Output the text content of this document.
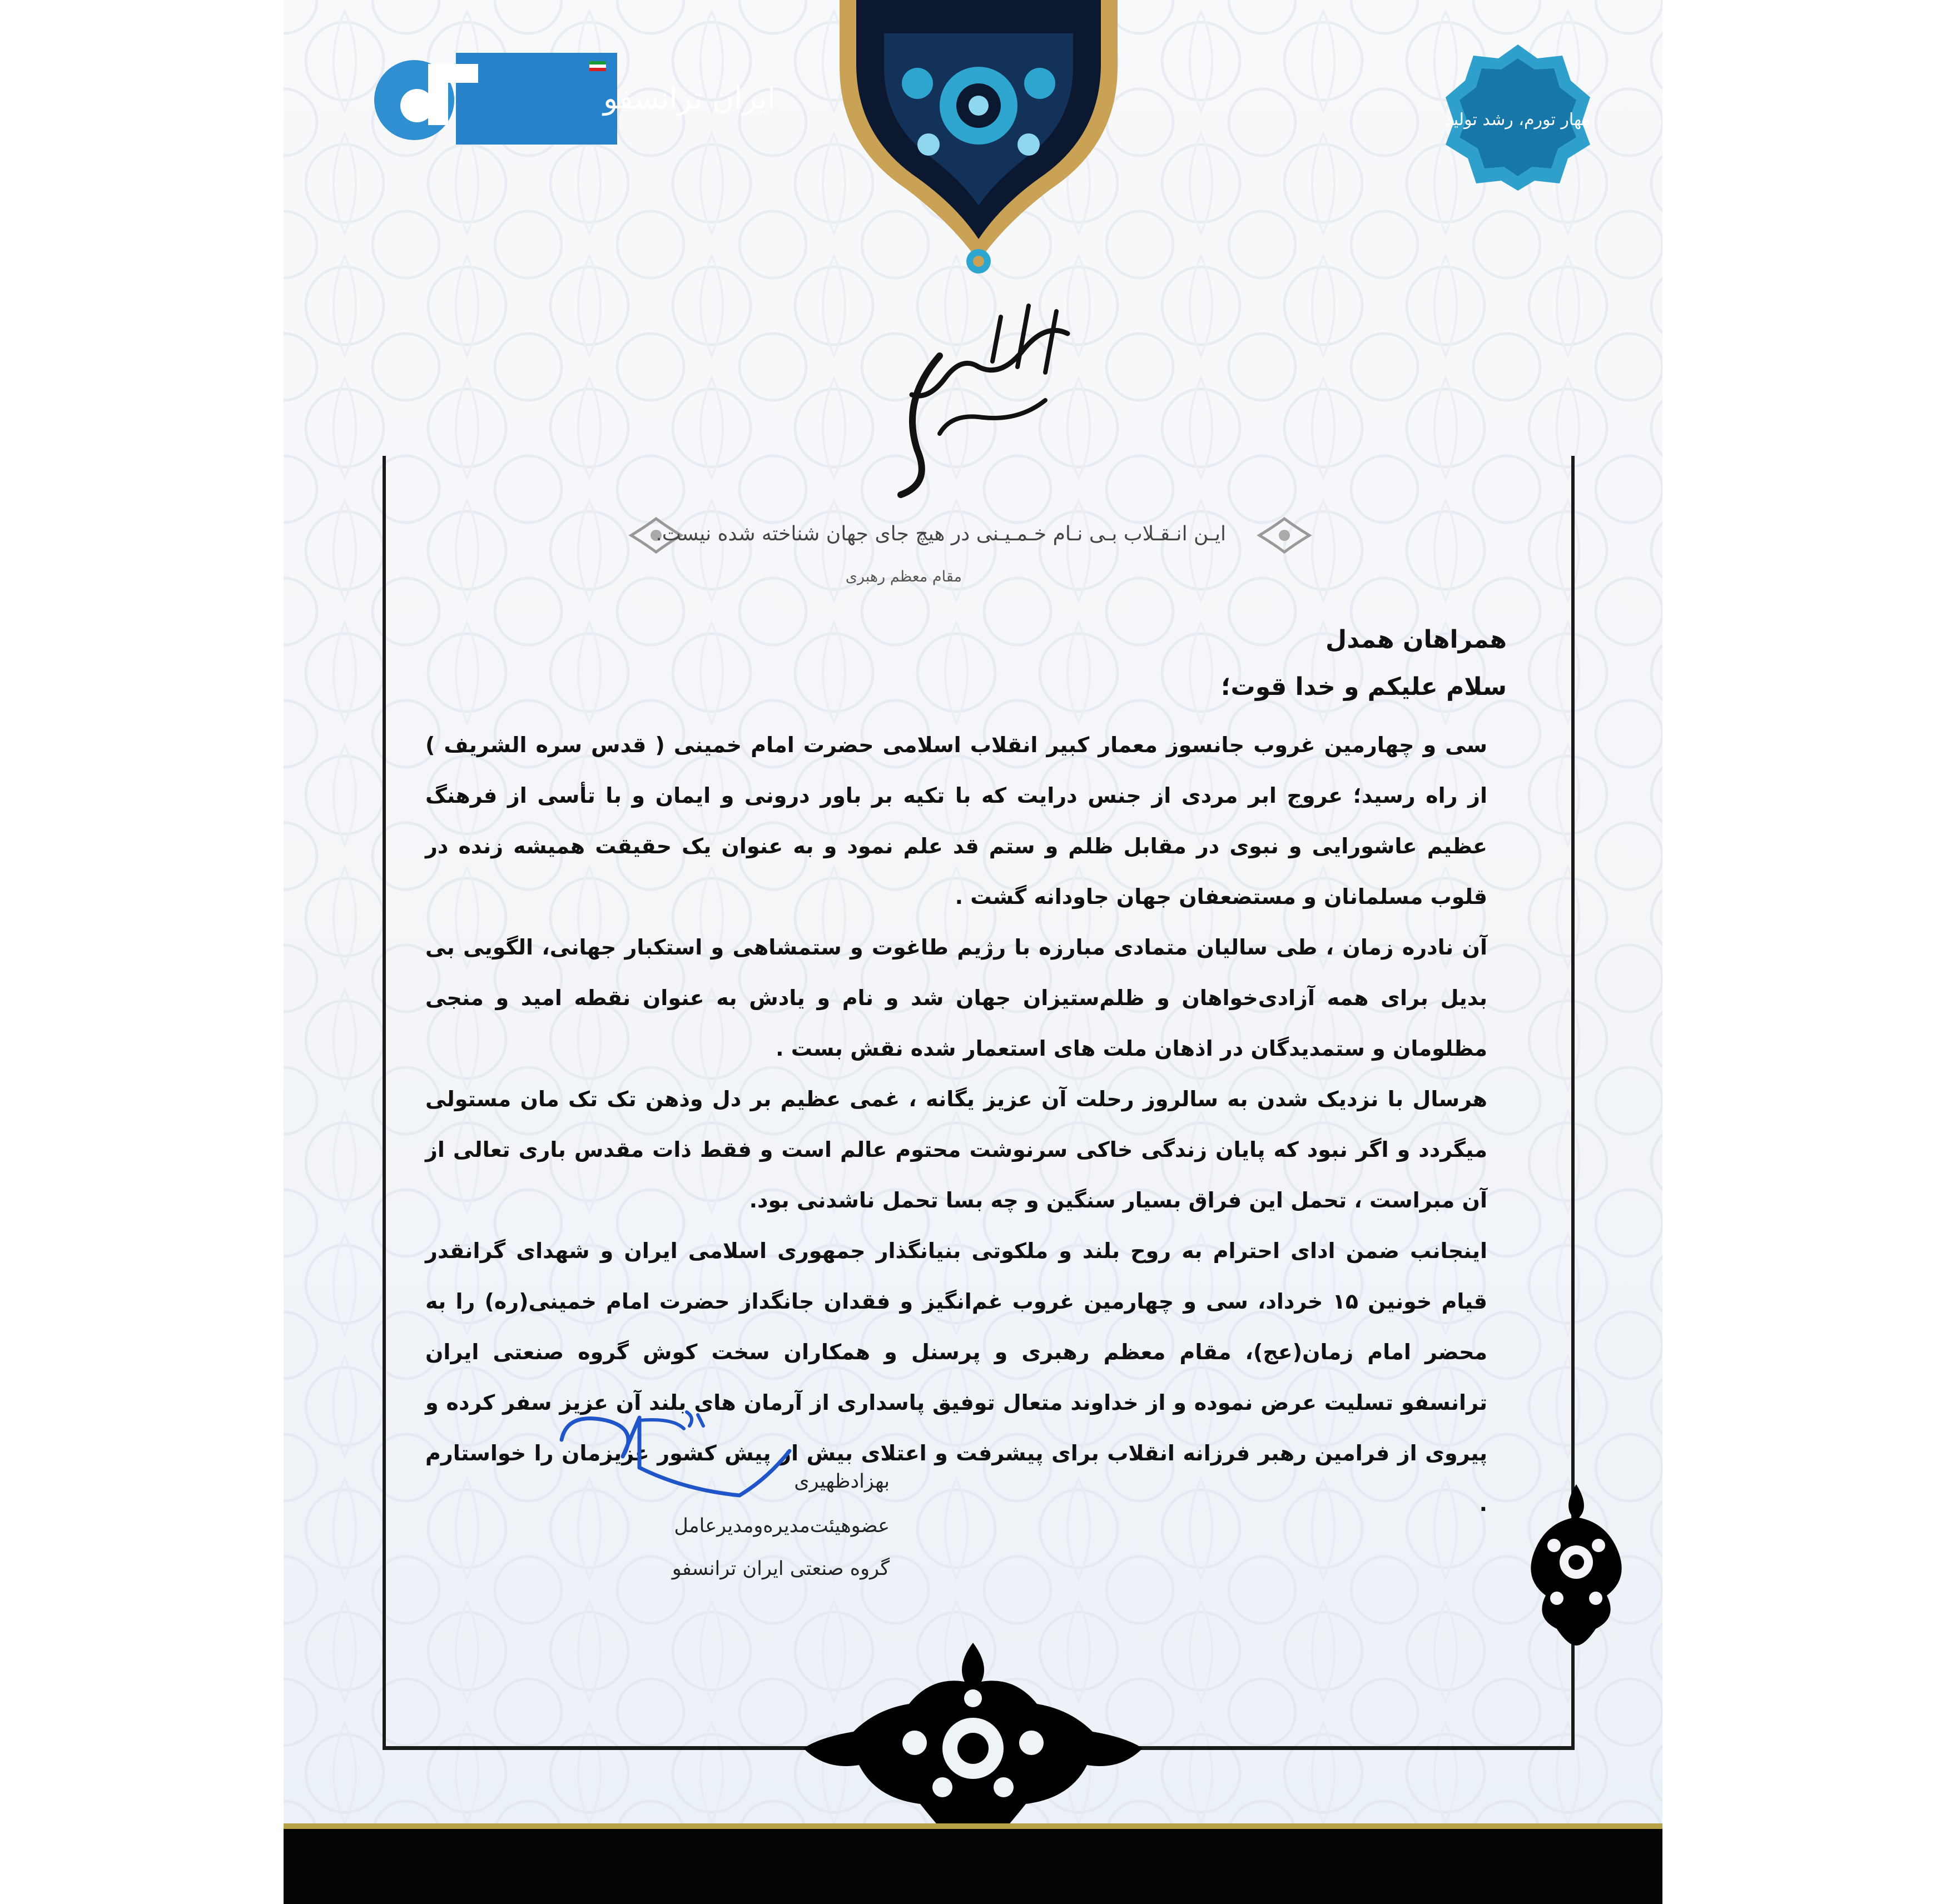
ایران ترانسفو
مهار تورم، رشد تولید
بسم الله الرحمن الرحیم
ایـن انـقـلاب بـی نـام خـمـیـنی در هیچ جای جهان شناخته شده نیست.
مقام معظم رهبری
همراهان همدل
سلام علیکم و خدا قوت؛

سی و چهارمین غروب جانسوز معمار کبیر انقلاب اسلامی حضرت امام خمینی ( قدس سره الشریف ) از راه رسید؛ عروج ابر مردی از جنس درایت که با تکیه بر باور درونی و ایمان و با تأسی از فرهنگ عظیم عاشورایی و نبوی در مقابل ظلم و ستم قد علم نمود و به عنوان یک حقیقت همیشه زنده در قلوب مسلمانان و مستضعفان جهان جاودانه گشت .

آن نادره زمان ، طی سالیان متمادی مبارزه با رژیم طاغوت و ستمشاهی و استکبار جهانی، الگویی بی بدیل برای همه آزادی‌خواهان و ظلم‌ستیزان جهان شد و نام و یادش به عنوان نقطه امید و منجی مظلومان و ستمدیدگان در اذهان ملت های استعمار شده نقش بست .

هرسال با نزدیک شدن به سالروز رحلت آن عزیز یگانه ، غمی عظیم بر دل وذهن تک تک مان مستولی میگردد و اگر نبود که پایان زندگی خاکی سرنوشت محتوم عالم است و فقط ذات مقدس باری تعالی از آن مبراست ، تحمل این فراق بسیار سنگین و چه بسا تحمل ناشدنی بود.

اینجانب ضمن ادای احترام به روح بلند و ملکوتی بنیانگذار جمهوری اسلامی ایران و شهدای گرانقدر قیام خونین ۱۵ خرداد، سی و چهارمین غروب غم‌انگیز و فقدان جانگداز حضرت امام خمینی(ره) را به محضر امام زمان(عج)، مقام معظم رهبری و پرسنل و همکاران سخت کوش گروه صنعتی ایران ترانسفو تسلیت عرض نموده و از خداوند متعال توفیق پاسداری از آرمان های بلند آن عزیز سفر کرده و پیروی از فرامین رهبر فرزانه انقلاب برای پیشرفت و اعتلای بیش از پیش کشور عزیزمان را خواستارم .

بهزادظهیری
عضوهیئت‌مدیره‌ومدیرعامل
گروه صنعتی ایران ترانسفو
